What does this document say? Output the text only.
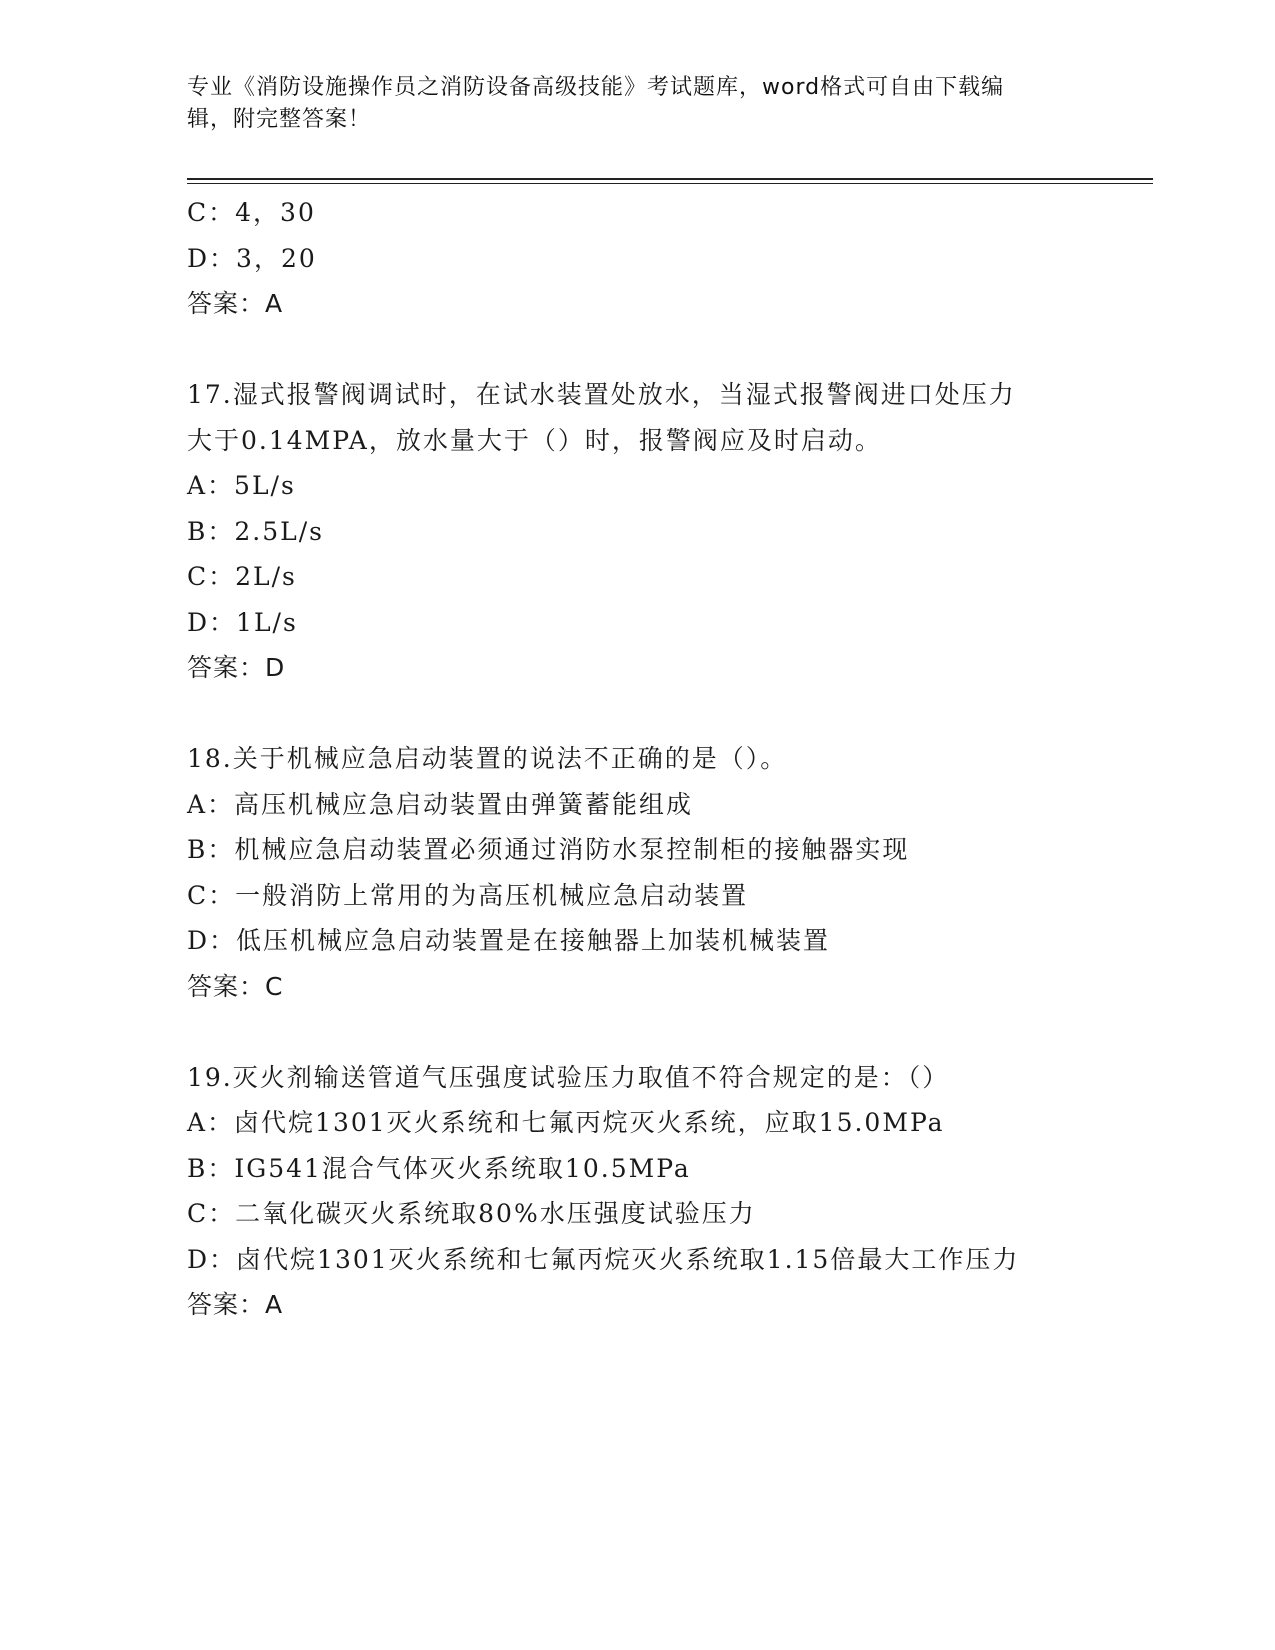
专业《消防设施操作员之消防设备高级技能》考试题库，word格式可自由下载编
辑，附完整答案！
C：4，30
D：3，20
答案：A
17.湿式报警阀调试时，在试水装置处放水，当湿式报警阀进口处压力
大于0.14MPA，放水量大于（）时，报警阀应及时启动。
A：5L/s
B：2.5L/s
C：2L/s
D：1L/s
答案：D
18.关于机械应急启动装置的说法不正确的是（）。
A：高压机械应急启动装置由弹簧蓄能组成
B：机械应急启动装置必须通过消防水泵控制柜的接触器实现
C：一般消防上常用的为高压机械应急启动装置
D：低压机械应急启动装置是在接触器上加装机械装置
答案：C
19.灭火剂输送管道气压强度试验压力取值不符合规定的是：（）
A：卤代烷1301灭火系统和七氟丙烷灭火系统，应取15.0MPa
B：IG541混合气体灭火系统取10.5MPa
C：二氧化碳灭火系统取80%水压强度试验压力
D：卤代烷1301灭火系统和七氟丙烷灭火系统取1.15倍最大工作压力
答案：A
